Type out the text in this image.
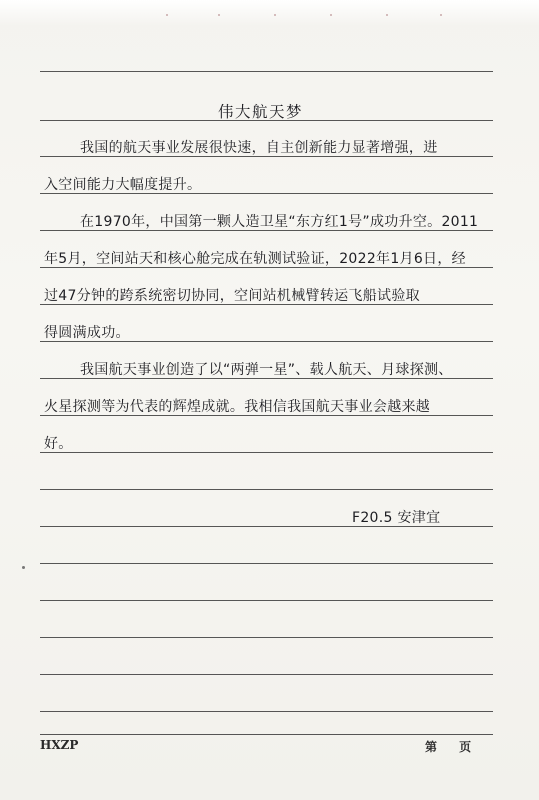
伟大航天梦
我国的航天事业发展很快速，自主创新能力显著增强，进
入空间能力大幅度提升。
在1970年，中国第一颗人造卫星“东方红1号”成功升空。2011
年5月，空间站天和核心舱完成在轨测试验证，2022年1月6日，经
过47分钟的跨系统密切协同，空间站机械臂转运飞船试验取
得圆满成功。
我国航天事业创造了以“两弹一星”、载人航天、月球探测、
火星探测等为代表的辉煌成就。我相信我国航天事业会越来越
好。
F20.5 安津宜
HXZP	第 页
